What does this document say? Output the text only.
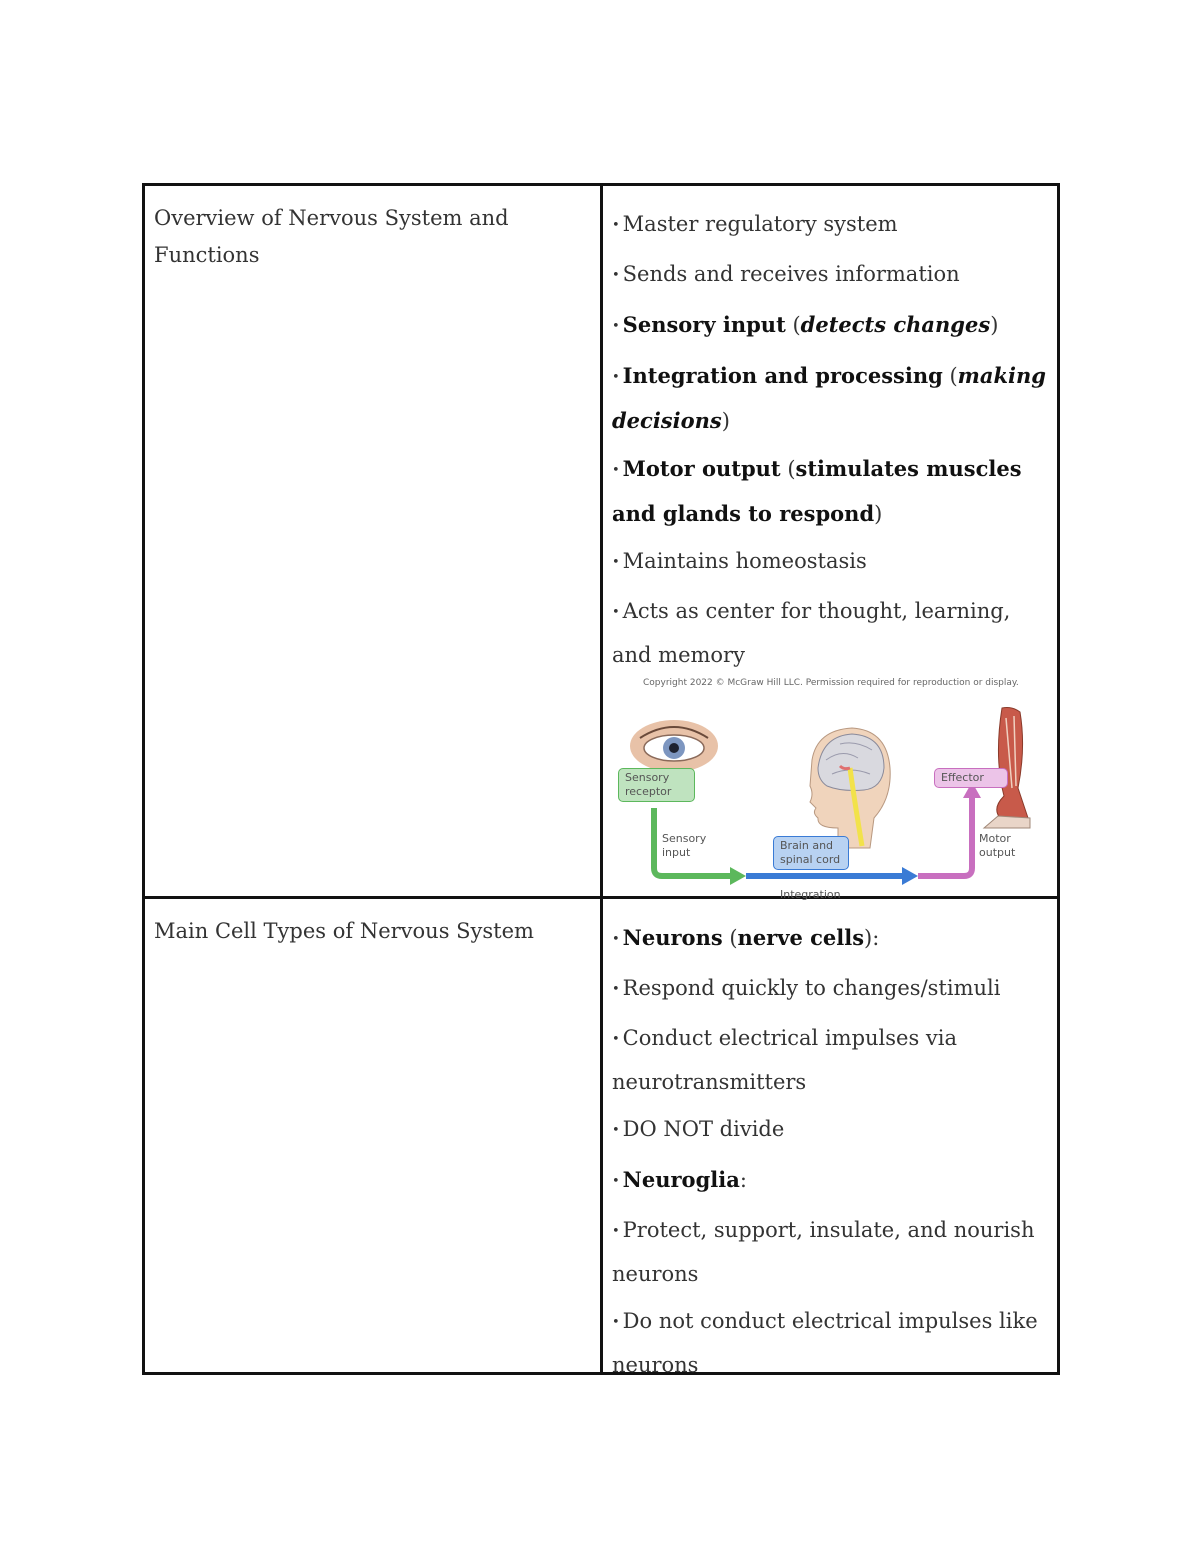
Overview of Nervous System and Functions
• Master regulatory system
• Sends and receives information
• Sensory input (detects changes)
• Integration and processing (making decisions)
• Motor output (stimulates muscles and glands to respond)
• Maintains homeostasis
• Acts as center for thought, learning, and memory
Copyright 2022 © McGraw Hill LLC. Permission required for reproduction or display.
Sensory receptor
Sensory input
Brain and spinal cord
Integration
Effector
Motor output
Main Cell Types of Nervous System	• Neurons (nerve cells):
• Respond quickly to changes/stimuli
• Conduct electrical impulses via neurotransmitters
• DO NOT divide
• Neuroglia:
• Protect, support, insulate, and nourish neurons
• Do not conduct electrical impulses like neurons
